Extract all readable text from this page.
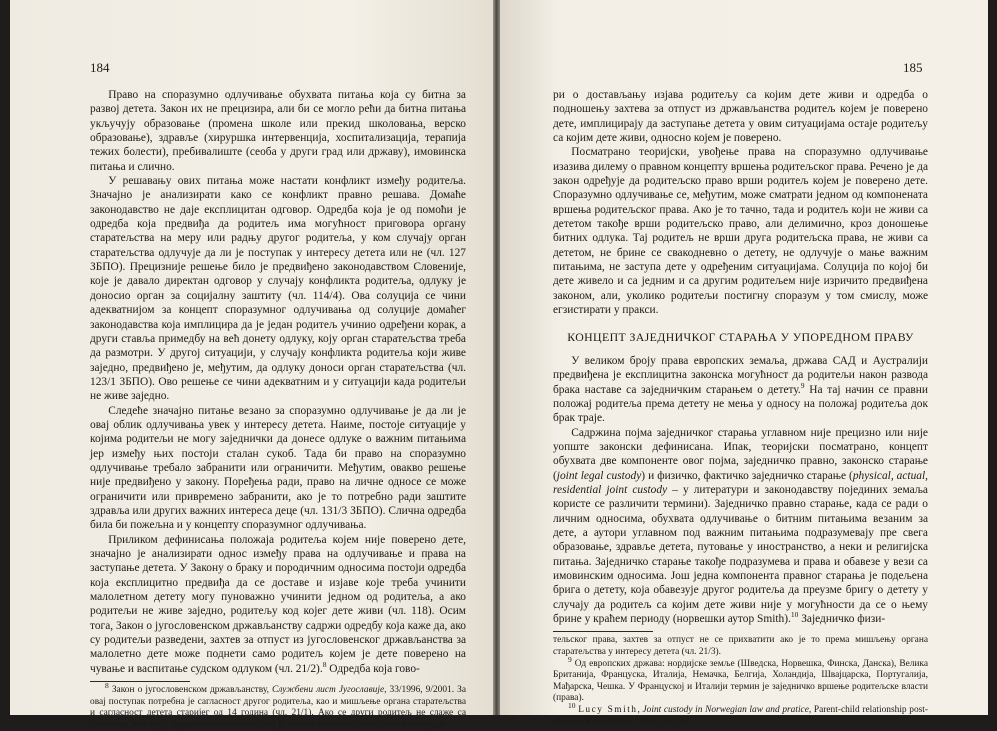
184

Право на споразумно одлучивање обухвата питања која су битна за развој детета. Закон их не прецизира, али би се могло рећи да битна питања укључују образовање (промена школе или прекид школовања, верско образовање), здравље (хируршка интервенција, хоспитализација, терапија тежих болести), пребивалиште (сеоба у други град или државу), имовинска питања и слично.

У решавању ових питања може настати конфликт између родитеља. Значајно је анализирати како се конфликт правно решава. Домаће законодавство не даје експлицитан одговор. Одредба која је од помоћи је одредба која предвиђа да родитељ има могућност приговора органу старатељства на меру или радњу другог родитеља, у ком случају орган старатељства одлучује да ли је поступак у интересу детета или не (чл. 127 ЗБПО). Прецизније решење било је предвиђено законодавством Словеније, које је давало директан одговор у случају конфликта родитеља, одлуку је доносио орган за социјалну заштиту (чл. 114/4). Ова солуција се чини адекватнијом за концепт споразумног одлучивања од солуције домаћег законодавства која имплицира да је један родитељ учинио одређени корак, а други ставља примедбу на већ донету одлуку, коју орган старатељства треба да размотри. У другој ситуацији, у случају конфликта родитеља који живе заједно, предвиђено је, међутим, да одлуку доноси орган старатељства (чл. 123/1 ЗБПО). Ово решење се чини адекватним и у ситуацији када родитељи не живе заједно.

Следеће значајно питање везано за споразумно одлучивање је да ли је овај облик одлучивања увек у интересу детета. Наиме, постоје ситуације у којима родитељи не могу заједнички да донесе одлуке о важним питањима јер између њих постоји сталан сукоб. Тада би право на споразумно одлучивање требало забранити или ограничити. Међутим, овакво решење није предвиђено у закону. Поређења ради, право на личне односе се може ограничити или привремено забранити, ако је то потребно ради заштите здравља или других важних интереса деце (чл. 131/3 ЗБПО). Слична одредба била би пожељна и у концепту споразумног одлучивања.

Приликом дефинисања положаја родитеља којем није поверено дете, значајно је анализирати однос између права на одлучивање и права на заступање детета. У Закону о браку и породичним односима постоји одредба која експлицитно предвиђа да се доставе и изјаве које треба учинити малолетном детету могу пуноважно учинити једном од родитеља, а ако родитељи не живе заједно, родитељу код којег дете живи (чл. 118). Осим тога, Закон о југословенском држављанству садржи одредбу која каже да, ако су родитељи разведени, захтев за отпуст из југословенског држављанства за малолетно дете може поднети само родитељ којем је дете поверено на чување и васпитање судском одлуком (чл. 21/2).$^8$ Одредба која гово-

$^8$ Закон о југословенском држављанству, Службени лист Југославије, 33/1996, 9/2001. За овај поступак потребна је сагласност другог родитеља, као и мишљење органа старатељства и сагласност детета старијег од 14 година (чл. 21/1). Ако се други родитељ не слаже са отпустом, или му је боравиште непознато, или је лишен пословне способности или роди-

185

ри о достављању изјава родитељу са којим дете живи и одредба о подношењу захтева за отпуст из држављанства родитељ којем је поверено дете, имплицирају да заступање детета у овим ситуацијама остаје родитељу са којим дете живи, односно којем је поверено.

Посматрано теоријски, увођење права на споразумно одлучивање изазива дилему о правном концепту вршења родитељског права. Речено је да закон одређује да родитељско право врши родитељ којем је поверено дете. Споразумно одлучивање се, међутим, може сматрати једном од компонената вршења родитељског права. Ако је то тачно, тада и родитељ који не живи са дететом такође врши родитељско право, али делимично, кроз доношење битних одлука. Тај родитељ не врши друга родитељска права, не живи са дететом, не брине се свакодневно о детету, не одлучује о мање важним питањима, не заступа дете у одређеним ситуацијама. Солуција по којој би дете живело и са једним и са другим родитељем није изричито предвиђена законом, али, уколико родитељи постигну споразум у том смислу, може егзистирати у пракси.

КОНЦЕПТ ЗАЈЕДНИЧКОГ СТАРАЊА У УПОРЕДНОМ ПРАВУ

У великом броју права европских земаља, држава САД и Аустралији предвиђена је експлицитна законска могућност да родитељи након развода брака наставе са заједничким старањем о детету.$^9$ На тај начин се правни положај родитеља према детету не мења у односу на положај родитеља док брак траје.

Садржина појма заједничког старања углавном није прецизно или није уопште законски дефинисана. Ипак, теоријски посматрано, концепт обухвата две компоненте овог појма, заједничко правно, законско старање (joint legal custody) и физичко, фактичко заједничко старање (physical, actual, residential joint custody – у литератури и законодавству појединих земаља користе се различити термини). Заједничко правно старање, када се ради о личним односима, обухвата одлучивање о битним питањима везаним за дете, а аутори углавном под важним питањима подразумевају пре свега образовање, здравље детета, путовање у иностранство, а неки и религијска питања. Заједничко старање такође подразумева и права и обавезе у вези са имовинским односима. Још једна компонента правног старања је подељена брига о детету, која обавезује другог родитеља да преузме бригу о детету у случају да родитељ са којим дете живи није у могућности да се о њему брине у краћем периоду (норвешки аутор Smith).$^{10}$ Заједничко физи-

тельског права, захтев за отпуст не се прихватити ако је то према мишљењу органа старатељства у интересу детета (чл. 21/3).

$^9$ Од европских држава: нордијске земље (Шведска, Норвешка, Финска, Данска), Велика Британија, Француска, Италија, Немачка, Белгија, Холандија, Швајцарска, Португалија, Мађарска, Чешка. У Француској и Италији термин је заједничко вршење родитељске власти (права).

$^{10}$ Lucy Smith, Joint custody in Norwegian law and pratice, Parent-child relationship post-divorce, Копенхаген 1984, стр. 243.
